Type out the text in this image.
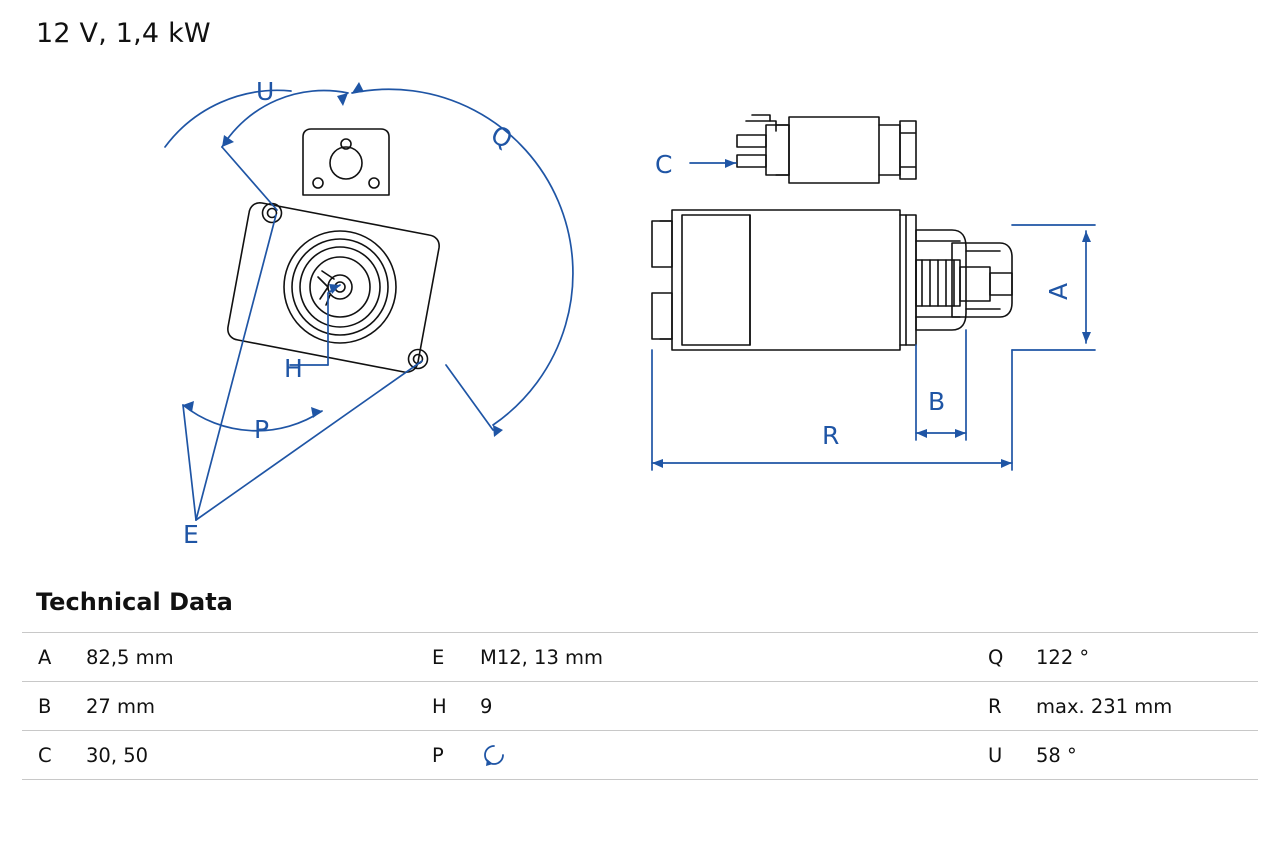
12 V, 1,4 kW
U
Q
H
P
E
C
A
B
R
Technical Data
A	82,5 mm	E	M12, 13 mm	Q	122 °
B	27 mm	H	9	R	max. 231 mm
C	30, 50	P		U	58 °
